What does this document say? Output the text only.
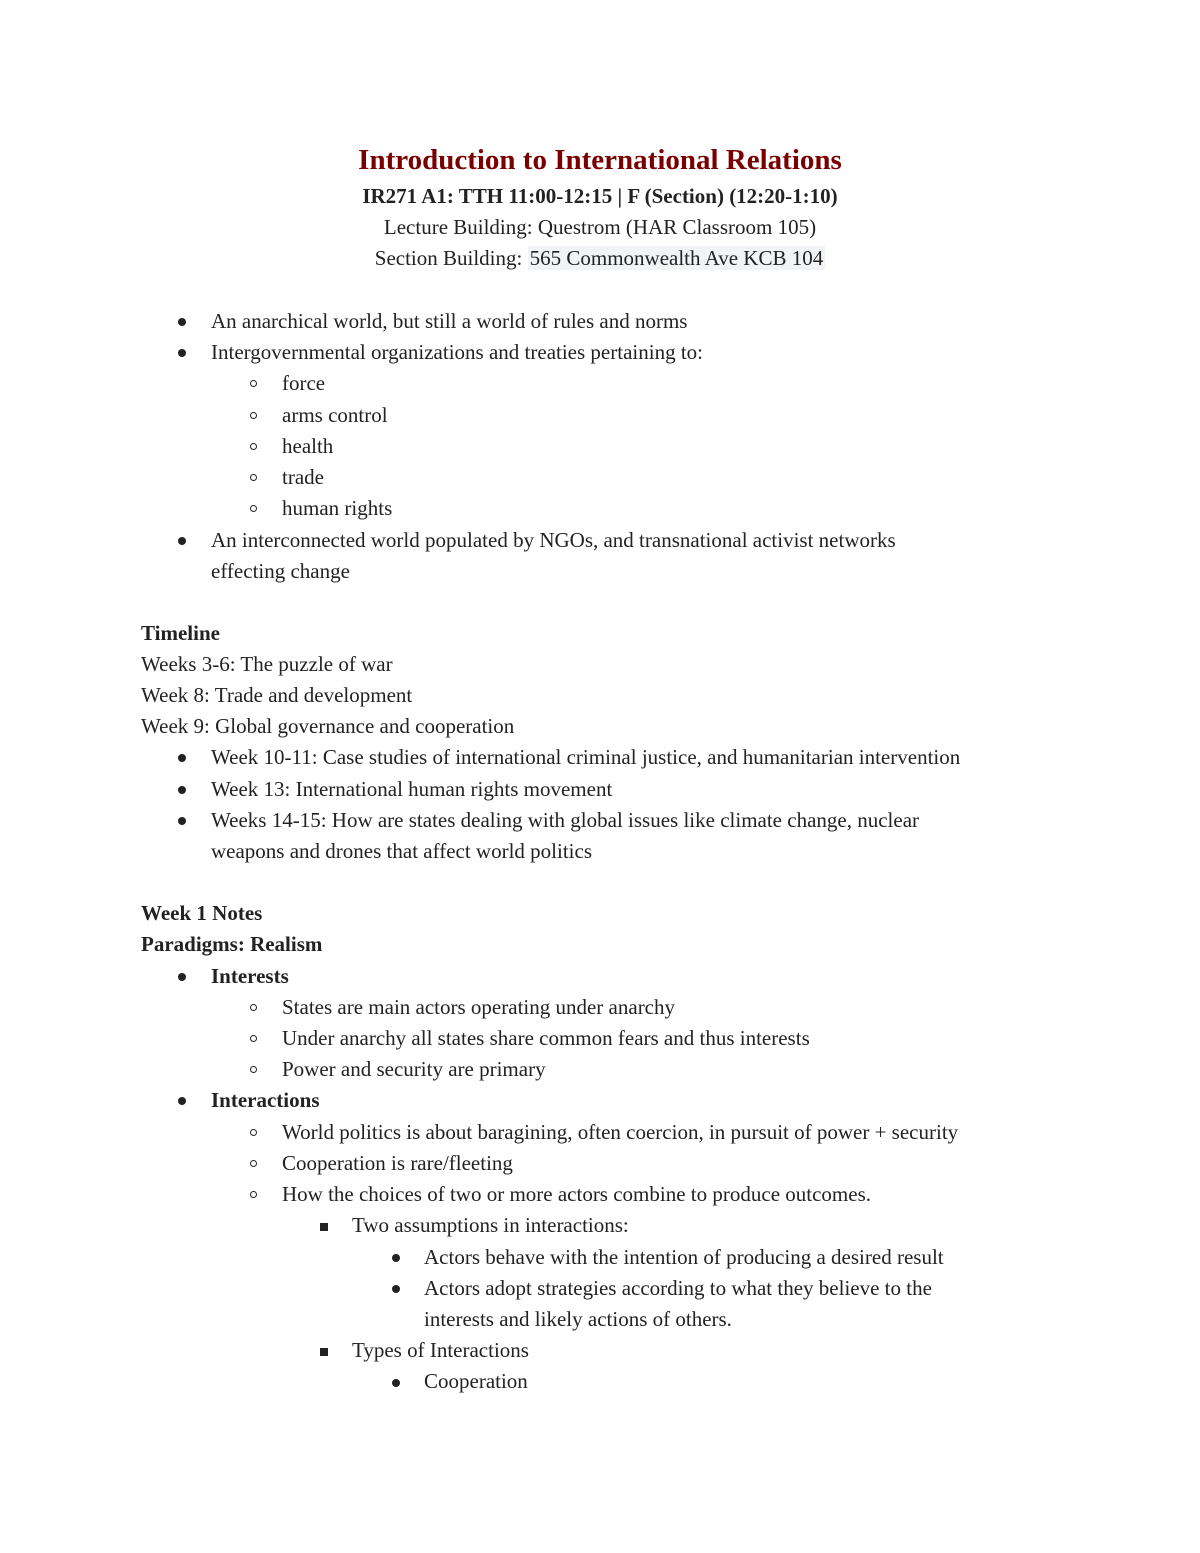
Introduction to International Relations
IR271 A1: TTH 11:00-12:15 | F (Section) (12:20-1:10)
Lecture Building: Questrom (HAR Classroom 105)
Section Building: 565 Commonwealth Ave KCB 104
An anarchical world, but still a world of rules and norms
Intergovernmental organizations and treaties pertaining to:
force
arms control
health
trade
human rights
An interconnected world populated by NGOs, and transnational activist networks
effecting change
Timeline
Weeks 3-6: The puzzle of war
Week 8: Trade and development
Week 9: Global governance and cooperation
Week 10-11: Case studies of international criminal justice, and humanitarian intervention
Week 13: International human rights movement
Weeks 14-15: How are states dealing with global issues like climate change, nuclear
weapons and drones that affect world politics
Week 1 Notes
Paradigms: Realism
Interests
States are main actors operating under anarchy
Under anarchy all states share common fears and thus interests
Power and security are primary
Interactions
World politics is about baragining, often coercion, in pursuit of power + security
Cooperation is rare/fleeting
How the choices of two or more actors combine to produce outcomes.
Two assumptions in interactions:
Actors behave with the intention of producing a desired result
Actors adopt strategies according to what they believe to the
interests and likely actions of others.
Types of Interactions
Cooperation
